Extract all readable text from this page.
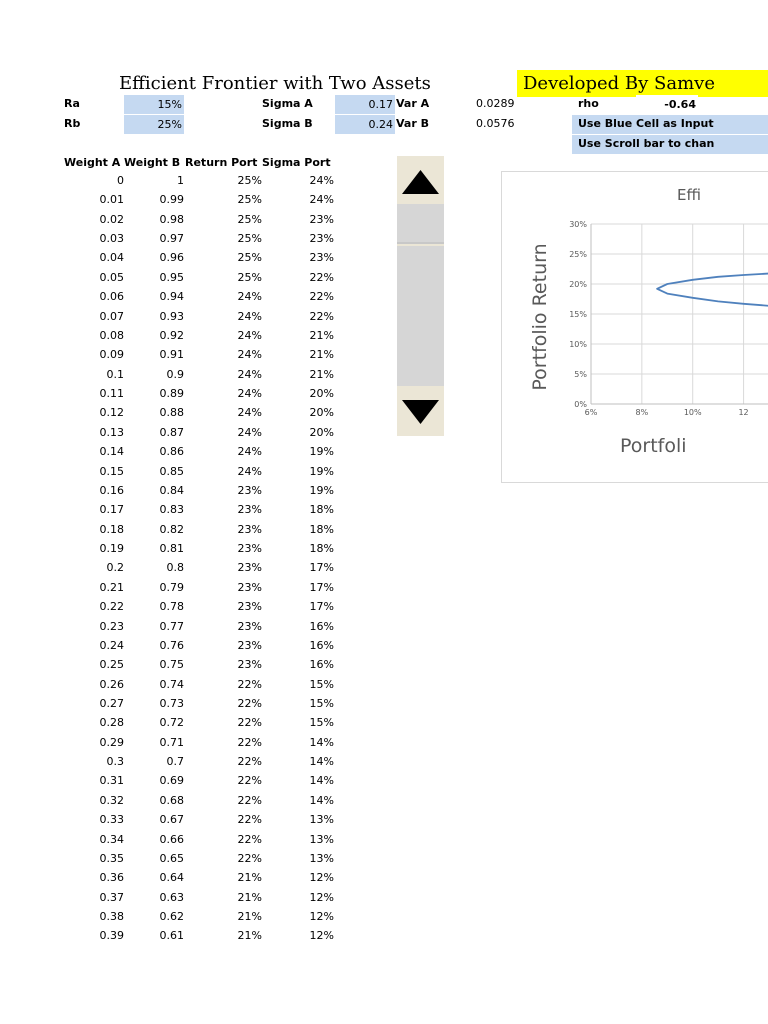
Efficient Frontier with Two Assets	Developed By Samve
Ra	15%	Sigma A	0.17 Var A	0.0289	rho	-0.64
Rb	25%	Sigma B	0.24 Var B	0.0576	Use Blue Cell as Input
Use Scroll bar to chan
Weight A Weight B Return Port Sigma Port
0	1	25%	24%
0.01	0.99	25%	24%
0.02	0.98	25%	23%
0.03	0.97	25%	23%
0.04	0.96	25%	23%
0.05	0.95	25%	22%
0.06	0.94	24%	22%
0.07	0.93	24%	22%
0.08	0.92	24%	21%
0.09	0.91	24%	21%
0.1	0.9	24%	21%
0.11	0.89	24%	20%
0.12	0.88	24%	20%
0.13	0.87	24%	20%
0.14	0.86	24%	19%
0.15	0.85	24%	19%
0.16	0.84	23%	19%
0.17	0.83	23%	18%
0.18	0.82	23%	18%
0.19	0.81	23%	18%
0.2	0.8	23%	17%
0.21	0.79	23%	17%
0.22	0.78	23%	17%
0.23	0.77	23%	16%
0.24	0.76	23%	16%
0.25	0.75	23%	16%
0.26	0.74	22%	15%
0.27	0.73	22%	15%
0.28	0.72	22%	15%
0.29	0.71	22%	14%
0.3	0.7	22%	14%
0.31	0.69	22%	14%
0.32	0.68	22%	14%
0.33	0.67	22%	13%
0.34	0.66	22%	13%
0.35	0.65	22%	13%
0.36	0.64	21%	12%
0.37	0.63	21%	12%
0.38	0.62	21%	12%
0.39	0.61	21%	12%
0%
5%
10%
15%
20%
25%
30%
6%	8%	10%	12
Effi
Portfolio Return
Portfoli
